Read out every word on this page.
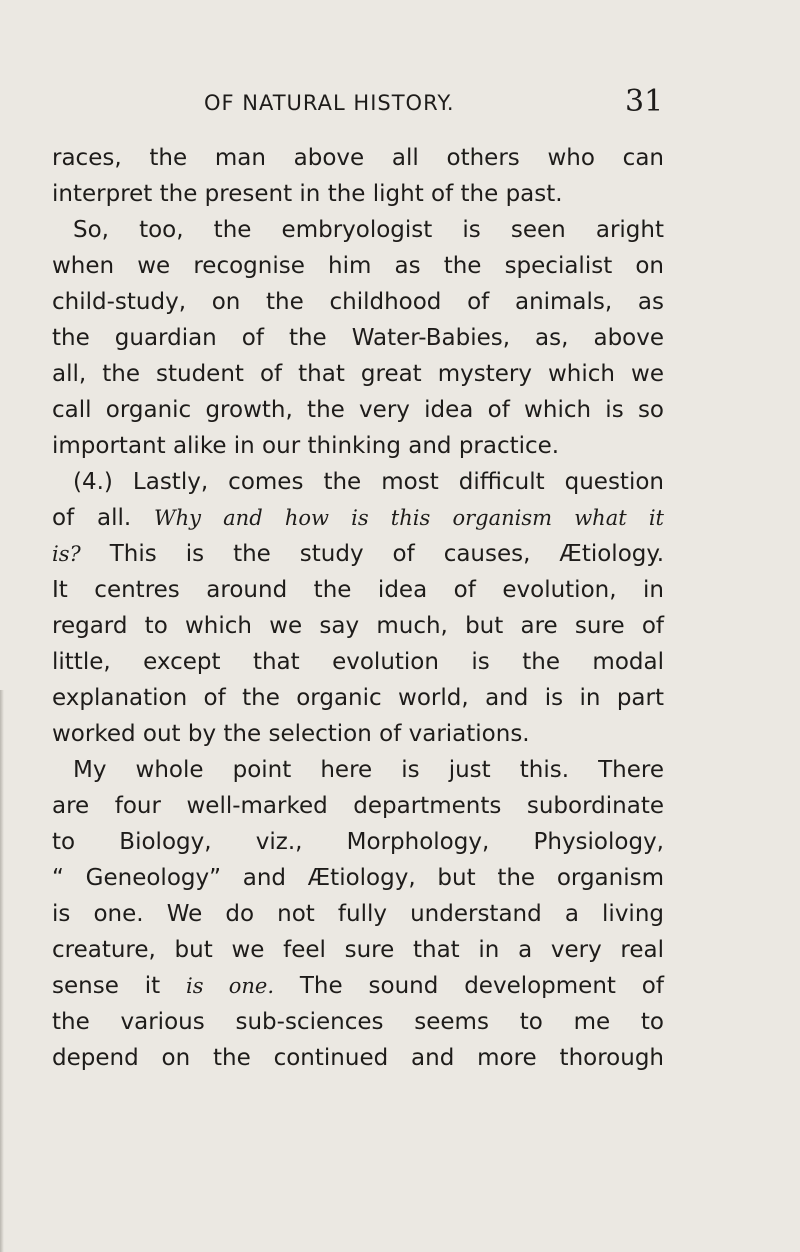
OF NATURAL HISTORY.	31
races, the man above all others who can
interpret the present in the light of the past.
So, too, the embryologist is seen aright
when we recognise him as the specialist on
child-study, on the childhood of animals, as
the guardian of the Water-Babies, as, above
all, the student of that great mystery which we
call organic growth, the very idea of which is so
important alike in our thinking and practice.
(4.) Lastly, comes the most difficult question
of all. Why and how is this organism what it
is? This is the study of causes, Ætiology.
It centres around the idea of evolution, in
regard to which we say much, but are sure of
little, except that evolution is the modal
explanation of the organic world, and is in part
worked out by the selection of variations.
My whole point here is just this. There
are four well-marked departments subordinate
to Biology, viz., Morphology, Physiology,
“ Geneology” and Ætiology, but the organism
is one. We do not fully understand a living
creature, but we feel sure that in a very real
sense it is one. The sound development of
the various sub-sciences seems to me to
depend on the continued and more thorough
